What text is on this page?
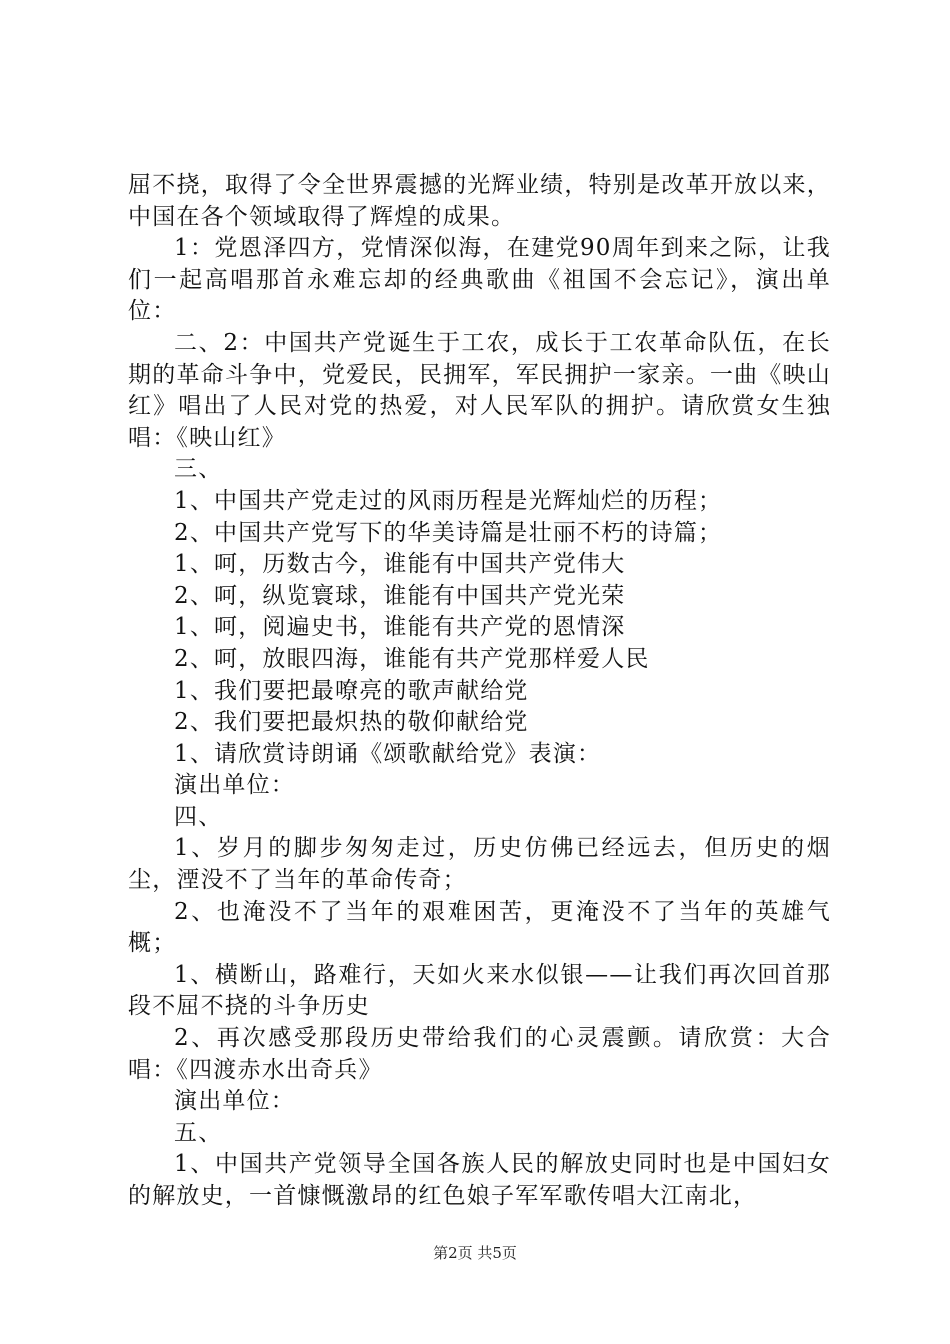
屈不挠，取得了令全世界震撼的光辉业绩，特别是改革开放以来，中国在各个领域取得了辉煌的成果。

1：党恩泽四方，党情深似海，在建党90周年到来之际，让我们一起高唱那首永难忘却的经典歌曲《祖国不会忘记》，演出单位：

二、2：中国共产党诞生于工农，成长于工农革命队伍，在长期的革命斗争中，党爱民，民拥军，军民拥护一家亲。一曲《映山红》唱出了人民对党的热爱，对人民军队的拥护。请欣赏女生独唱：《映山红》

三、

1、中国共产党走过的风雨历程是光辉灿烂的历程；

2、中国共产党写下的华美诗篇是壮丽不朽的诗篇；

1、呵，历数古今，谁能有中国共产党伟大

2、呵，纵览寰球，谁能有中国共产党光荣

1、呵，阅遍史书，谁能有共产党的恩情深

2、呵，放眼四海，谁能有共产党那样爱人民

1、我们要把最嘹亮的歌声献给党

2、我们要把最炽热的敬仰献给党

1、请欣赏诗朗诵《颂歌献给党》表演：

演出单位：

四、

1、岁月的脚步匆匆走过，历史仿佛已经远去，但历史的烟尘，湮没不了当年的革命传奇；

2、也淹没不了当年的艰难困苦，更淹没不了当年的英雄气概；

1、横断山，路难行，天如火来水似银——让我们再次回首那段不屈不挠的斗争历史

2、再次感受那段历史带给我们的心灵震颤。请欣赏：大合唱：《四渡赤水出奇兵》

演出单位：

五、

1、中国共产党领导全国各族人民的解放史同时也是中国妇女的解放史，一首慷慨激昂的红色娘子军军歌传唱大江南北，

第2页 共5页
